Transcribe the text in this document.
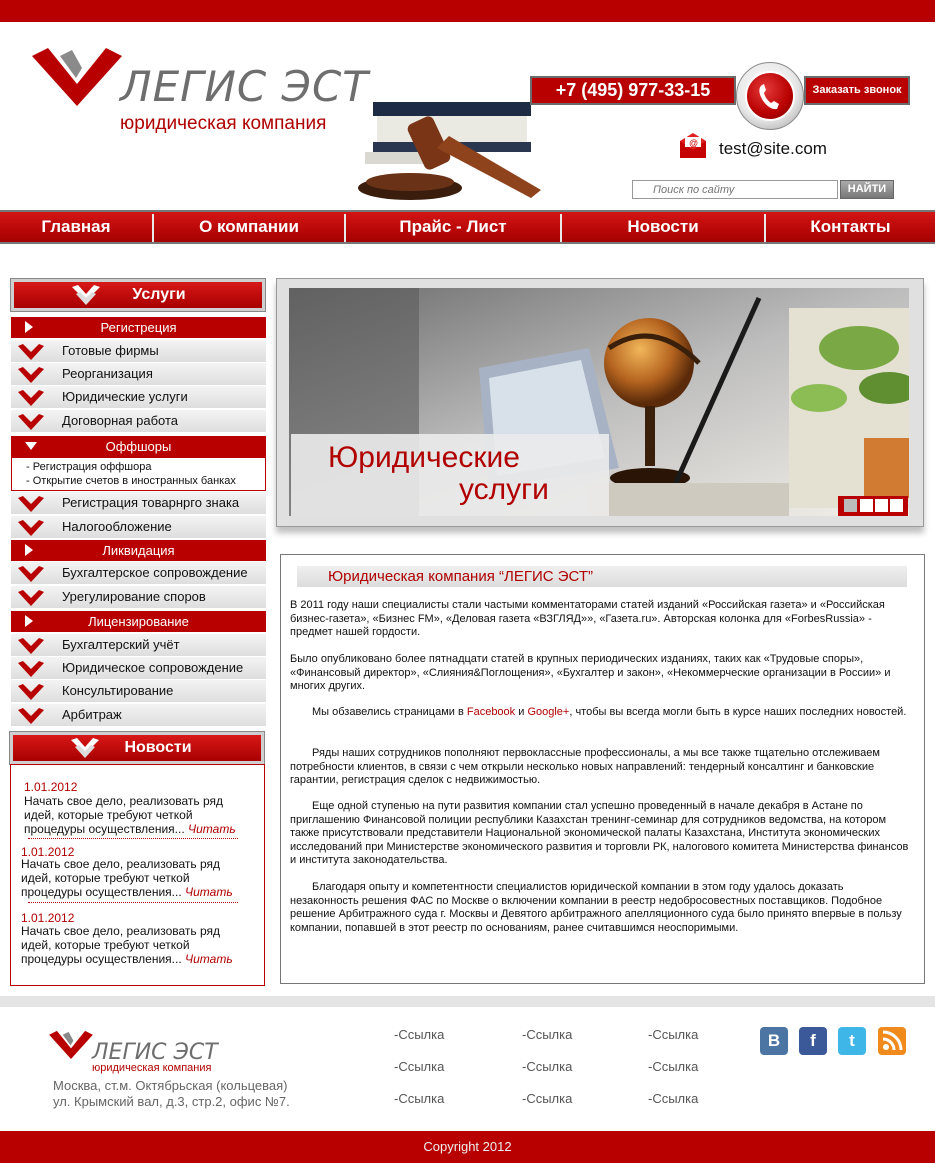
ЛЕГИС ЭСТ
юридическая компания
+7 (495) 977-33-15	Заказать звонок
@ test@site.com
Поиск по сайту
НАЙТИ
Главная	О компании	Прайс - Лист	Новости	Контакты
Услуги
Регистреция
Готовые фирмы
Реорганизация
Юридические услуги
Договорная работа
Оффшоры
- Регистрация оффшора
- Открытие счетов в иностранных банках
Регистрация товарнрго знака
Налогообложение
Ликвидация
Бухгалтерское сопровождение
Урегулирование споров
Лицензирование
Бухгалтерский учёт
Юридическое сопровождение
Консультирование
Арбитраж
Новости
1.01.2012
Начать свое дело, реализовать ряд идей, которые требуют четкой процедуры осуществления... Читать
1.01.2012
Начать свое дело, реализовать ряд идей, которые требуют четкой процедуры осуществления... Читать
1.01.2012
Начать свое дело, реализовать ряд идей, которые требуют четкой процедуры осуществления... Читать
Юридические
услуги
Юридическая компания “ЛЕГИС ЭСТ”
В 2011 году наши специалисты стали частыми комментаторами статей изданий «Российская газета» и «Российская бизнес-газета», «Бизнес FM», «Деловая газета «ВЗГЛЯД»», «Газета.ru». Авторская колонка для «ForbesRussia» - предмет нашей гордости.
Было опубликовано более пятнадцати статей в крупных периодических изданиях, таких как «Трудовые споры», «Финансовый директор», «Слияния&Поглощения», «Бухгалтер и закон», «Некоммерческие организации в России» и многих других.
Мы обзавелись страницами в Facebook и Google+, чтобы вы всегда могли быть в курсе наших последних новостей.
Ряды наших сотрудников пополняют первоклассные профессионалы, а мы все также тщательно отслеживаем потребности клиентов, в связи с чем открыли несколько новых направлений: тендерный консалтинг и банковские гарантии, регистрация сделок с недвижимостью.
Еще одной ступенью на пути развития компании стал успешно проведенный в начале декабря в Астане по приглашению Финансовой полиции республики Казахстан тренинг-семинар для сотрудников ведомства, на котором также присутствовали представители Национальной экономической палаты Казахстана, Института экономических исследований при Министерстве экономического развития и торговли РК, налогового комитета Министерства финансов и института законодательства.
Благодаря опыту и компетентности специалистов юридической компании в этом году удалось доказать незаконность решения ФАС по Москве о включении компании в реестр недобросовестных поставщиков. Подобное решение Арбитражного суда г. Москвы и Девятого арбитражного апелляционного суда было принято впервые в пользу компании, попавшей в этот реестр по основаниям, ранее считавшимся неоспоримыми.
ЛЕГИС ЭСТ
юридическая компания
Москва, ст.м. Октябрьская (кольцевая)
ул. Крымский вал, д.3, стр.2, офис №7.
-Ссылка	-Ссылка	-Ссылка
-Ссылка	-Ссылка	-Ссылка
-Ссылка	-Ссылка	-Ссылка
B	f	t
Copyright 2012
